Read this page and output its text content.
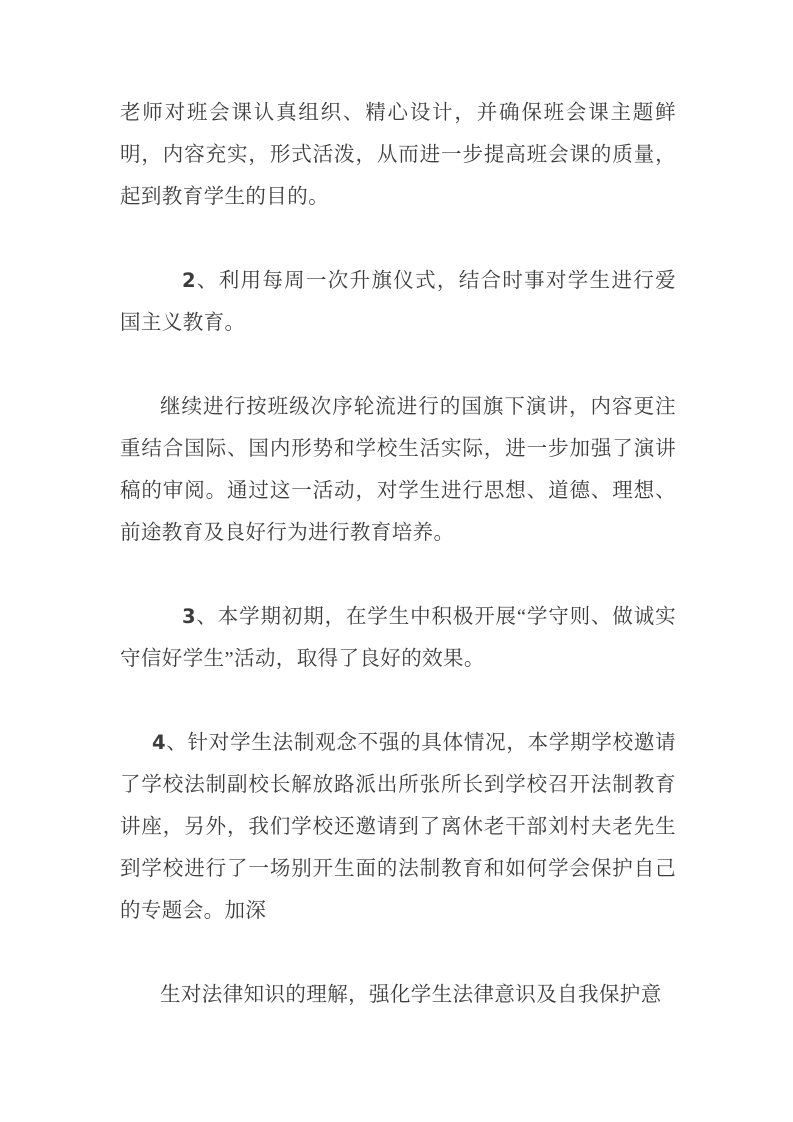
老师对班会课认真组织、精心设计，并确保班会课主题鲜明，内容充实，形式活泼，从而进一步提高班会课的质量，起到教育学生的目的。

2、利用每周一次升旗仪式，结合时事对学生进行爱国主义教育。

继续进行按班级次序轮流进行的国旗下演讲，内容更注重结合国际、国内形势和学校生活实际，进一步加强了演讲稿的审阅。通过这一活动，对学生进行思想、道德、理想、前途教育及良好行为进行教育培养。

3、本学期初期，在学生中积极开展“学守则、做诚实守信好学生”活动，取得了良好的效果。

4、针对学生法制观念不强的具体情况，本学期学校邀请了学校法制副校长解放路派出所张所长到学校召开法制教育讲座，另外，我们学校还邀请到了离休老干部刘村夫老先生到学校进行了一场别开生面的法制教育和如何学会保护自己的专题会。加深

生对法律知识的理解，强化学生法律意识及自我保护意
